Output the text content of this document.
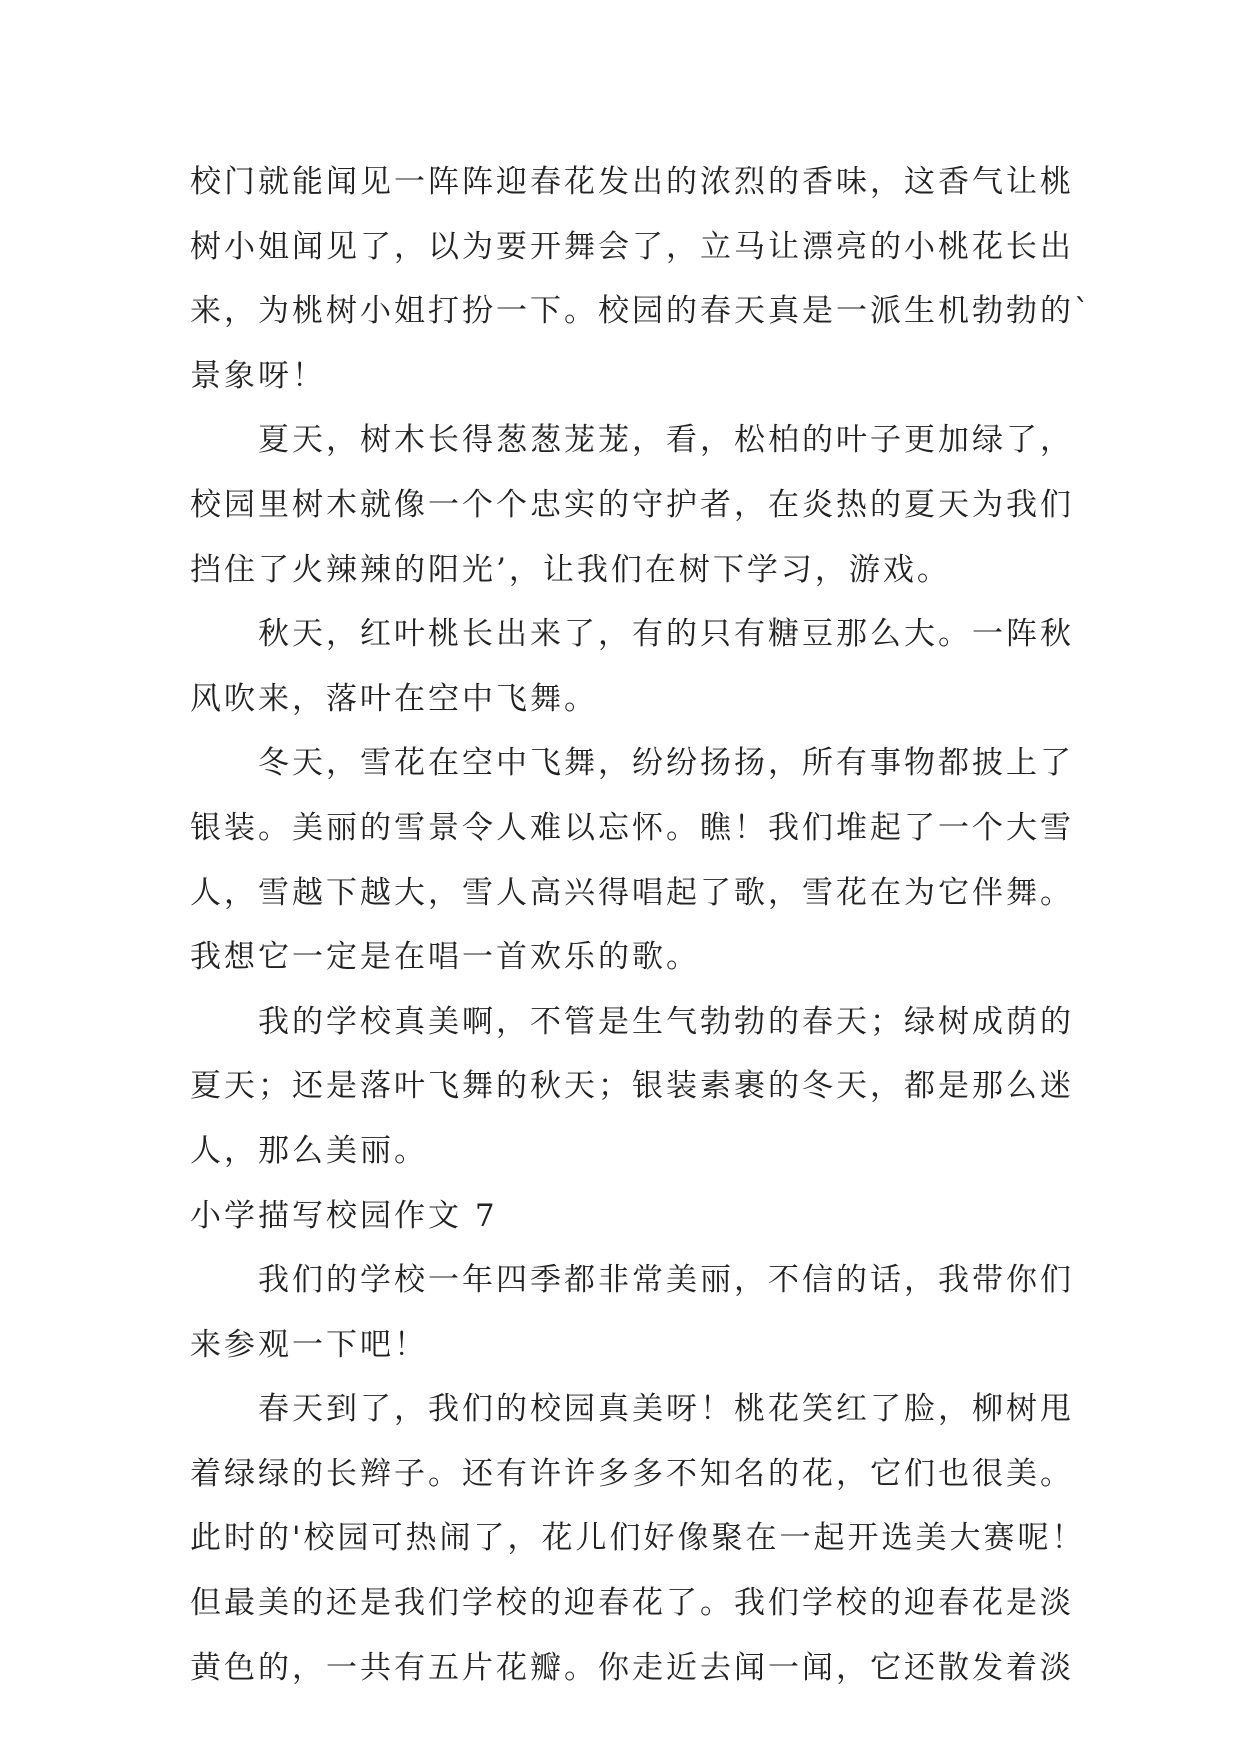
校门就能闻见一阵阵迎春花发出的浓烈的香味，这香气让桃
树小姐闻见了，以为要开舞会了，立马让漂亮的小桃花长出
来，为桃树小姐打扮一下。校园的春天真是一派生机勃勃的`
景象呀！
夏天，树木长得葱葱茏茏，看，松柏的叶子更加绿了，
校园里树木就像一个个忠实的守护者，在炎热的夏天为我们
挡住了火辣辣的阳光’，让我们在树下学习，游戏。
秋天，红叶桃长出来了，有的只有糖豆那么大。一阵秋
风吹来，落叶在空中飞舞。
冬天，雪花在空中飞舞，纷纷扬扬，所有事物都披上了
银装。美丽的雪景令人难以忘怀。瞧！我们堆起了一个大雪
人，雪越下越大，雪人高兴得唱起了歌，雪花在为它伴舞。
我想它一定是在唱一首欢乐的歌。
我的学校真美啊，不管是生气勃勃的春天；绿树成荫的
夏天；还是落叶飞舞的秋天；银装素裹的冬天，都是那么迷
人，那么美丽。
小学描写校园作文 7
我们的学校一年四季都非常美丽，不信的话，我带你们
来参观一下吧！
春天到了，我们的校园真美呀！桃花笑红了脸，柳树甩
着绿绿的长辫子。还有许许多多不知名的花，它们也很美。
此时的'校园可热闹了，花儿们好像聚在一起开选美大赛呢！
但最美的还是我们学校的迎春花了。我们学校的迎春花是淡
黄色的，一共有五片花瓣。你走近去闻一闻，它还散发着淡
